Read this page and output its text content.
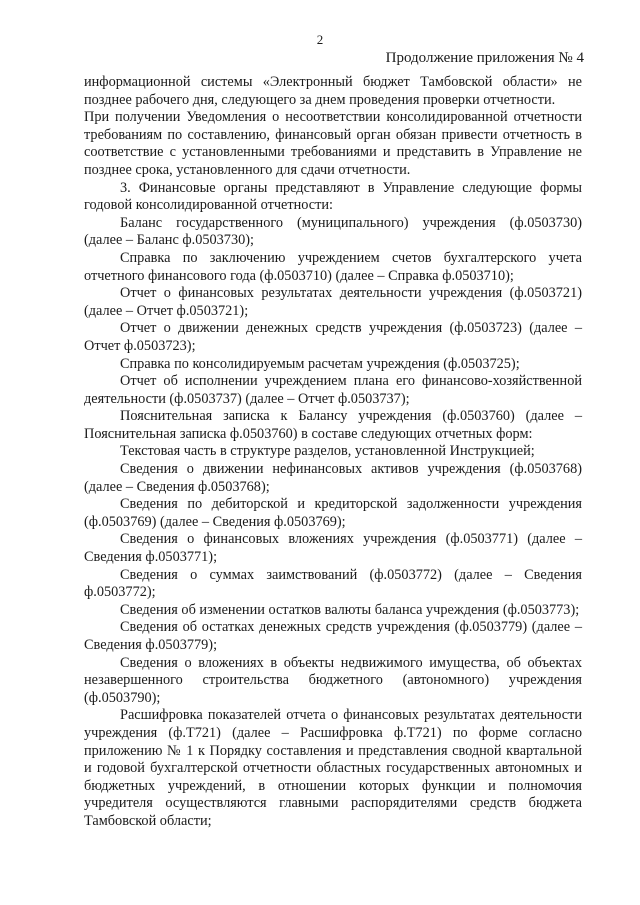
2
Продолжение приложения № 4

информационной системы «Электронный бюджет Тамбовской области» не позднее рабочего дня, следующего за днем проведения проверки отчетности.

При получении Уведомления о несоответствии консолидированной отчетности требованиям по составлению, финансовый орган обязан привести отчетность в соответствие с установленными требованиями и представить в Управление не позднее срока, установленного для сдачи отчетности.

3. Финансовые органы представляют в Управление следующие формы годовой консолидированной отчетности:

Баланс государственного (муниципального) учреждения (ф.0503730) (далее – Баланс ф.0503730);

Справка по заключению учреждением счетов бухгалтерского учета отчетного финансового года (ф.0503710) (далее – Справка ф.0503710);

Отчет о финансовых результатах деятельности учреждения (ф.0503721) (далее – Отчет ф.0503721);

Отчет о движении денежных средств учреждения (ф.0503723) (далее – Отчет ф.0503723);

Справка по консолидируемым расчетам учреждения (ф.0503725);

Отчет об исполнении учреждением плана его финансово-хозяйственной деятельности (ф.0503737) (далее – Отчет ф.0503737);

Пояснительная записка к Балансу учреждения (ф.0503760) (далее – Пояснительная записка ф.0503760) в составе следующих отчетных форм:

Текстовая часть в структуре разделов, установленной Инструкцией;

Сведения о движении нефинансовых активов учреждения (ф.0503768) (далее – Сведения ф.0503768);

Сведения по дебиторской и кредиторской задолженности учреждения (ф.0503769) (далее – Сведения ф.0503769);

Сведения о финансовых вложениях учреждения (ф.0503771) (далее – Сведения ф.0503771);

Сведения о суммах заимствований (ф.0503772) (далее – Сведения ф.0503772);

Сведения об изменении остатков валюты баланса учреждения (ф.0503773);

Сведения об остатках денежных средств учреждения (ф.0503779) (далее – Сведения ф.0503779);

Сведения о вложениях в объекты недвижимого имущества, об объектах незавершенного строительства бюджетного (автономного) учреждения (ф.0503790);

Расшифровка показателей отчета о финансовых результатах деятельности учреждения (ф.Т721) (далее – Расшифровка ф.Т721) по форме согласно приложению № 1 к Порядку составления и представления сводной квартальной и годовой бухгалтерской отчетности областных государственных автономных и бюджетных учреждений, в отношении которых функции и полномочия учредителя осуществляются главными распорядителями средств бюджета Тамбовской области;
